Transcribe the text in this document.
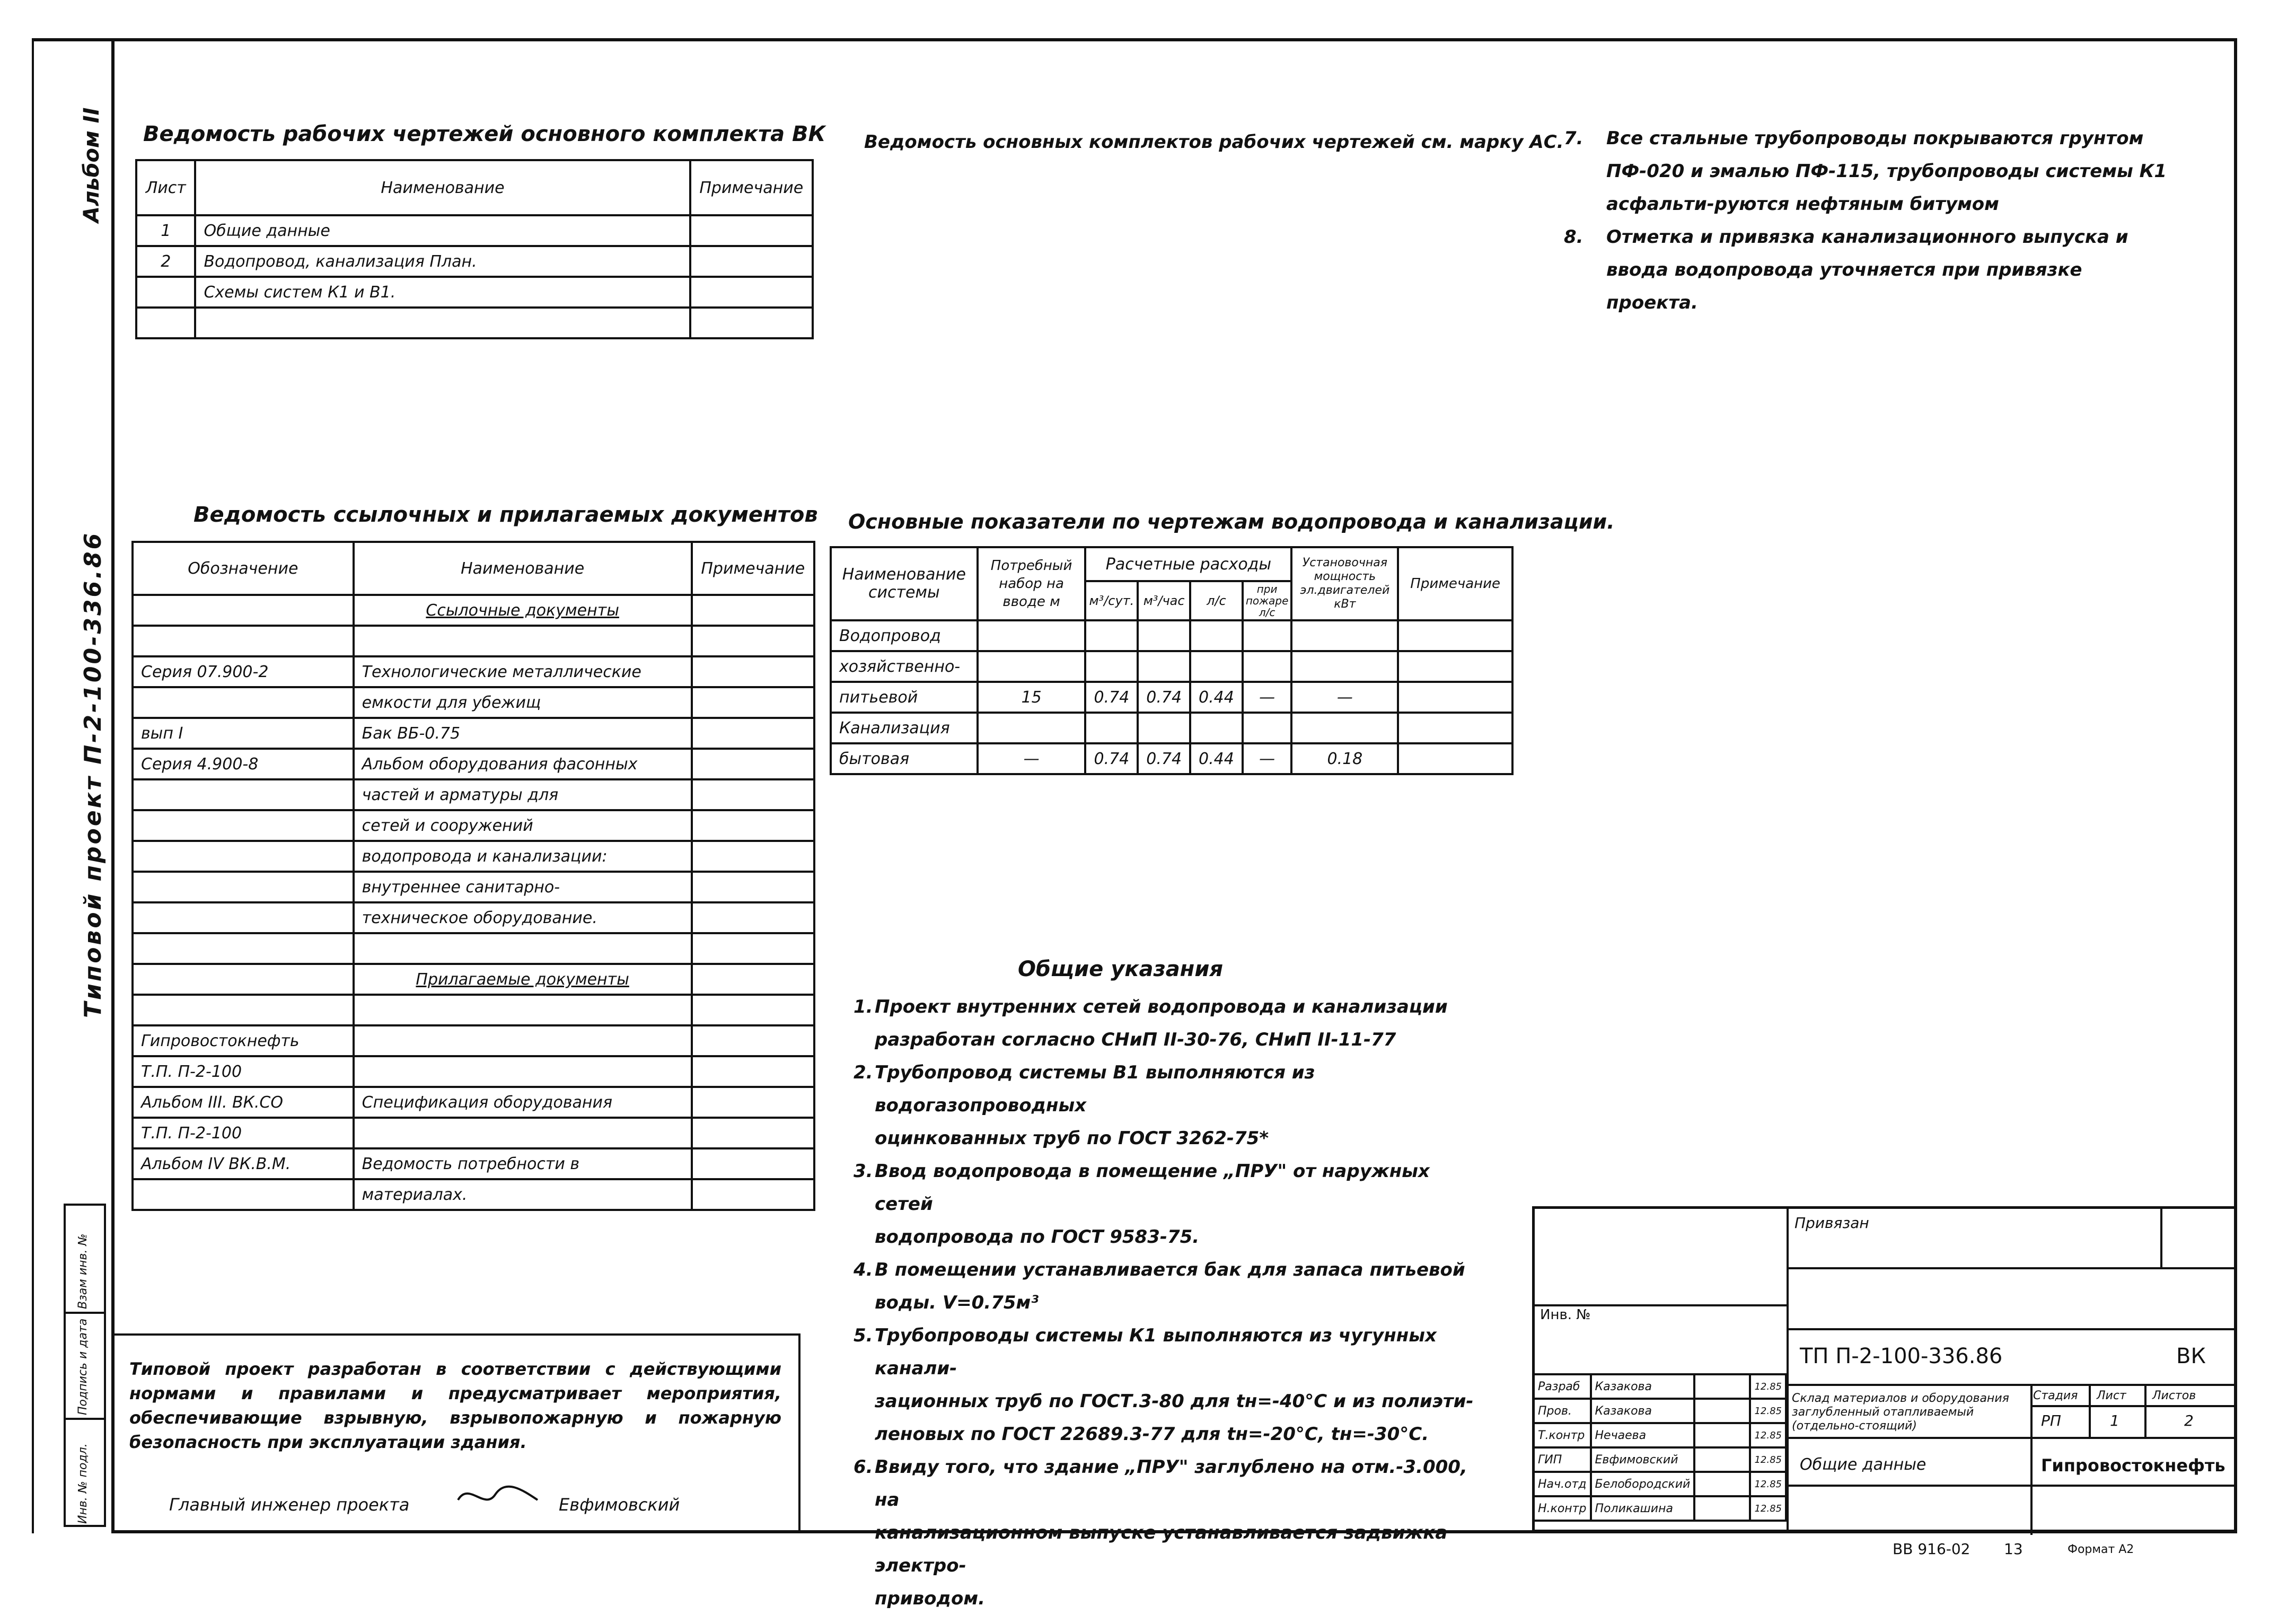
Альбом II
Типовой проект П-2-100-336.86
Взам инв. №
Подпись и дата
Инв. № подл.
Ведомость рабочих чертежей основного комплекта ВК
Лист	Наименование	Примечание
1	Общие данные	
2	Водопровод, канализация План.	
	Схемы систем К1 и В1.	

Ведомость основных комплектов рабочих чертежей см. марку АС. 7.	Все стальные трубопроводы покрываются грунтом ПФ-020 и эмалью ПФ-115, трубопроводы системы К1 асфальти-руются нефтяным битумом
8.	Отметка и привязка канализационного выпуска и ввода водопровода уточняется при привязке проекта.
Ведомость ссылочных и прилагаемых документов
Обозначение	Наименование	Примечание
	Ссылочные документы	

Серия 07.900-2	Технологические металлические	
	емкости для убежищ	
вып I	Бак ВБ-0.75	
Серия 4.900-8	Альбом оборудования фасонных	
	частей и арматуры для	
	сетей и сооружений	
	водопровода и канализации:	
	внутреннее санитарно-	
	техническое оборудование.	

	Прилагаемые документы	

Гипровостокнефть		
Т.П. П-2-100		
Альбом III. ВК.СО	Спецификация оборудования	
Т.П. П-2-100		
Альбом IV ВК.В.М.	Ведомость потребности в	
	материалах.	
Основные показатели по чертежам водопровода и канализации.
Наименование системы	Потребный набор на вводе м	Расчетные расходы				Установочная мощность эл.двигателей кВт	Примечание
		м³/сут.	м³/час	л/с	при пожаре л/с		
Водопровод							
хозяйственно-							
питьевой	15	0.74	0.74	0.44	—	—	
Канализация							
бытовая	—	0.74	0.74	0.44	—	0.18	
Общие указания
1. Проект внутренних сетей водопровода и канализации
разработан согласно СНиП II-30-76, СНиП II-11-77
2. Трубопровод системы В1 выполняются из водогазопроводных
оцинкованных труб по ГОСТ 3262-75*
3. Ввод водопровода в помещение „ПРУ" от наружных сетей
водопровода по ГОСТ 9583-75.
4. В помещении устанавливается бак для запаса питьевой
воды. V=0.75м³
5. Трубопроводы системы К1 выполняются из чугунных канали-
зационных труб по ГОСТ.3-80 для tн=-40°С и из полиэти-
леновых по ГОСТ 22689.3-77 для tн=-20°С, tн=-30°С.
6. Ввиду того, что здание „ПРУ" заглублено на отм.-3.000, на
канализационном выпуске устанавливается задвижка электро-
приводом.
Типовой проект разработан в соответствии с действующими нормами и правилами и предусматривает мероприятия, обеспечивающие взрывную, взрывопожарную и пожарную безопасность при эксплуатации здания.
Главный инженер проекта	Евфимовский
Привязан
Инв. №
ТП П-2-100-336.86	ВК
Склад материалов и оборудования заглубленный отапливаемый (отдельно-стоящий)
Стадия Лист Листов
РП	1	2
Общие данные	Гипровостокнефть
Разраб	Казакова		12.85
Пров.	Казакова		12.85
Т.контр	Нечаева		12.85
ГИП	Евфимовский		12.85
Нач.отд	Белобородский		12.85
Н.контр	Поликашина		12.85
BB 916-02 13	Формат А2
